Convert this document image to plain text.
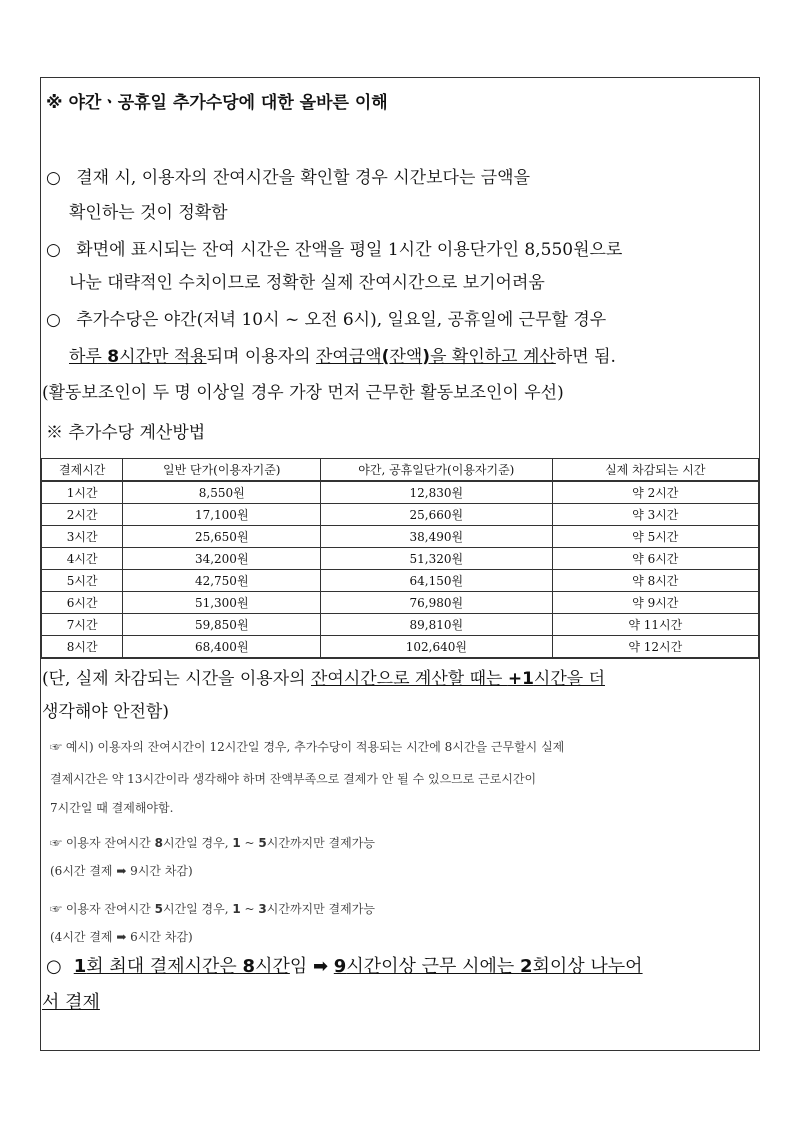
※ 야간ㆍ공휴일 추가수당에 대한 올바른 이해
○ 결재 시, 이용자의 잔여시간을 확인할 경우 시간보다는 금액을
확인하는 것이 정확함
○ 화면에 표시되는 잔여 시간은 잔액을 평일 1시간 이용단가인 8,550원으로
나눈 대략적인 수치이므로 정확한 실제 잔여시간으로 보기어려움
○ 추가수당은 야간(저녁 10시 ~ 오전 6시), 일요일, 공휴일에 근무할 경우
하루 8시간만 적용되며 이용자의 잔여금액(잔액)을 확인하고 계산하면 됨.
(활동보조인이 두 명 이상일 경우 가장 먼저 근무한 활동보조인이 우선)
※ 추가수당 계산방법
결제시간	일반 단가(이용자기준)	야간, 공휴일단가(이용자기준)	실제 차감되는 시간
1시간	8,550원	12,830원	약 2시간
2시간	17,100원	25,660원	약 3시간
3시간	25,650원	38,490원	약 5시간
4시간	34,200원	51,320원	약 6시간
5시간	42,750원	64,150원	약 8시간
6시간	51,300원	76,980원	약 9시간
7시간	59,850원	89,810원	약 11시간
8시간	68,400원	102,640원	약 12시간
(단, 실제 차감되는 시간을 이용자의 잔여시간으로 계산할 때는 +1시간을 더
생각해야 안전함)
☞ 예시) 이용자의 잔여시간이 12시간일 경우, 추가수당이 적용되는 시간에 8시간을 근무할시 실제
결제시간은 약 13시간이라 생각해야 하며 잔액부족으로 결제가 안 될 수 있으므로 근로시간이
7시간일 때 결제해야함.
☞ 이용자 잔여시간 8시간일 경우, 1 ~ 5시간까지만 결제가능
(6시간 결제 ➡ 9시간 차감)
☞ 이용자 잔여시간 5시간일 경우, 1 ~ 3시간까지만 결제가능
(4시간 결제 ➡ 6시간 차감)
○ 1회 최대 결제시간은 8시간임 ➡ 9시간이상 근무 시에는 2회이상 나누어
서 결제
